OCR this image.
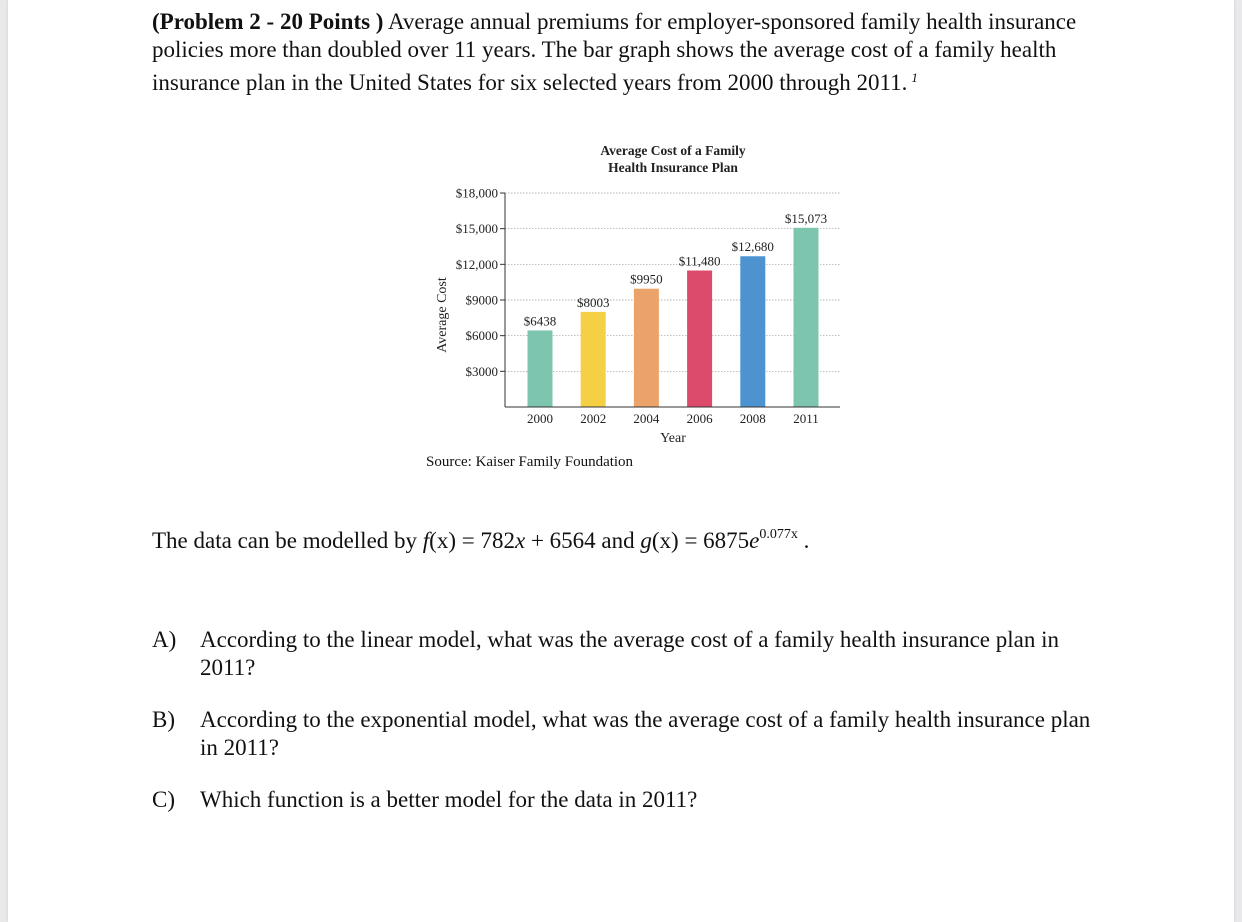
(Problem 2 - 20 Points ) Average annual premiums for employer-sponsored family health insurance policies more than doubled over 11 years. The bar graph shows the average cost of a family health insurance plan in the United States for six selected years from 2000 through 2011. $^1$
Average Cost of a Family
Health Insurance Plan
$6438
$8003
$9950
$11,480
$12,680
$15,073
$3000
$6000
$9000
$12,000
$15,000
$18,000
2000 2002 2004 2006 2008 2011
Average Cost
Year
Source: Kaiser Family Foundation
The data can be modelled by f(x) = 782x + 6564 and $g(x) = 6875e^{0.077x}$ .
A) According to the linear model, what was the average cost of a family health insurance plan in 2011?
B) According to the exponential model, what was the average cost of a family health insurance plan in 2011?
C) Which function is a better model for the data in 2011?
